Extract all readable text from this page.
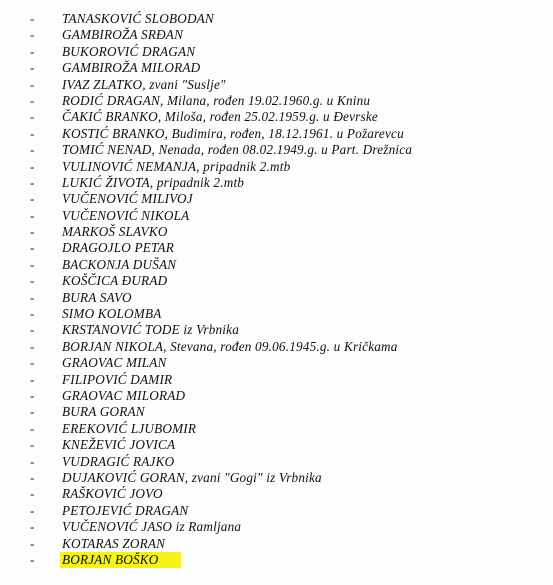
- TANASKOVIĆ SLOBODAN
- GAMBIROŽA SRĐAN
- BUKOROVIĆ DRAGAN
- GAMBIROŽA MILORAD
- IVAZ ZLATKO, zvani "Suslje"
- RODIĆ DRAGAN, Milana, rođen 19.02.1960.g. u Kninu
- ČAKIĆ BRANKO, Miloša, rođen 25.02.1959.g. u Đevrske
- KOSTIĆ BRANKO, Budimira, rođen, 18.12.1961. u Požarevcu
- TOMIĆ NENAD, Nenada, rođen 08.02.1949.g. u Part. Drežnica
- VULINOVIĆ NEMANJA, pripadnik 2.mtb
- LUKIĆ ŽIVOTA, pripadnik 2.mtb
- VUČENOVIĆ MILIVOJ
- VUČENOVIĆ NIKOLA
- MARKOŠ SLAVKO
- DRAGOJLO PETAR
- BACKONJA DUŠAN
- KOŠČICA ĐURAD
- BURA SAVO
- SIMO KOLOMBA
- KRSTANOVIĆ TODE iz Vrbnika
- BORJAN NIKOLA, Stevana, rođen 09.06.1945.g. u Kričkama
- GRAOVAC MILAN
- FILIPOVIĆ DAMIR
- GRAOVAC MILORAD
- BURA GORAN
- EREKOVIĆ LJUBOMIR
- KNEŽEVIĆ JOVICA
- VUDRAGIĆ RAJKO
- DUJAKOVIĆ GORAN, zvani "Gogi" iz Vrbnika
- RAŠKOVIĆ JOVO
- PETOJEVIĆ DRAGAN
- VUČENOVIĆ JASO iz Ramljana
- KOTARAS ZORAN
- BORJAN BOŠKO
